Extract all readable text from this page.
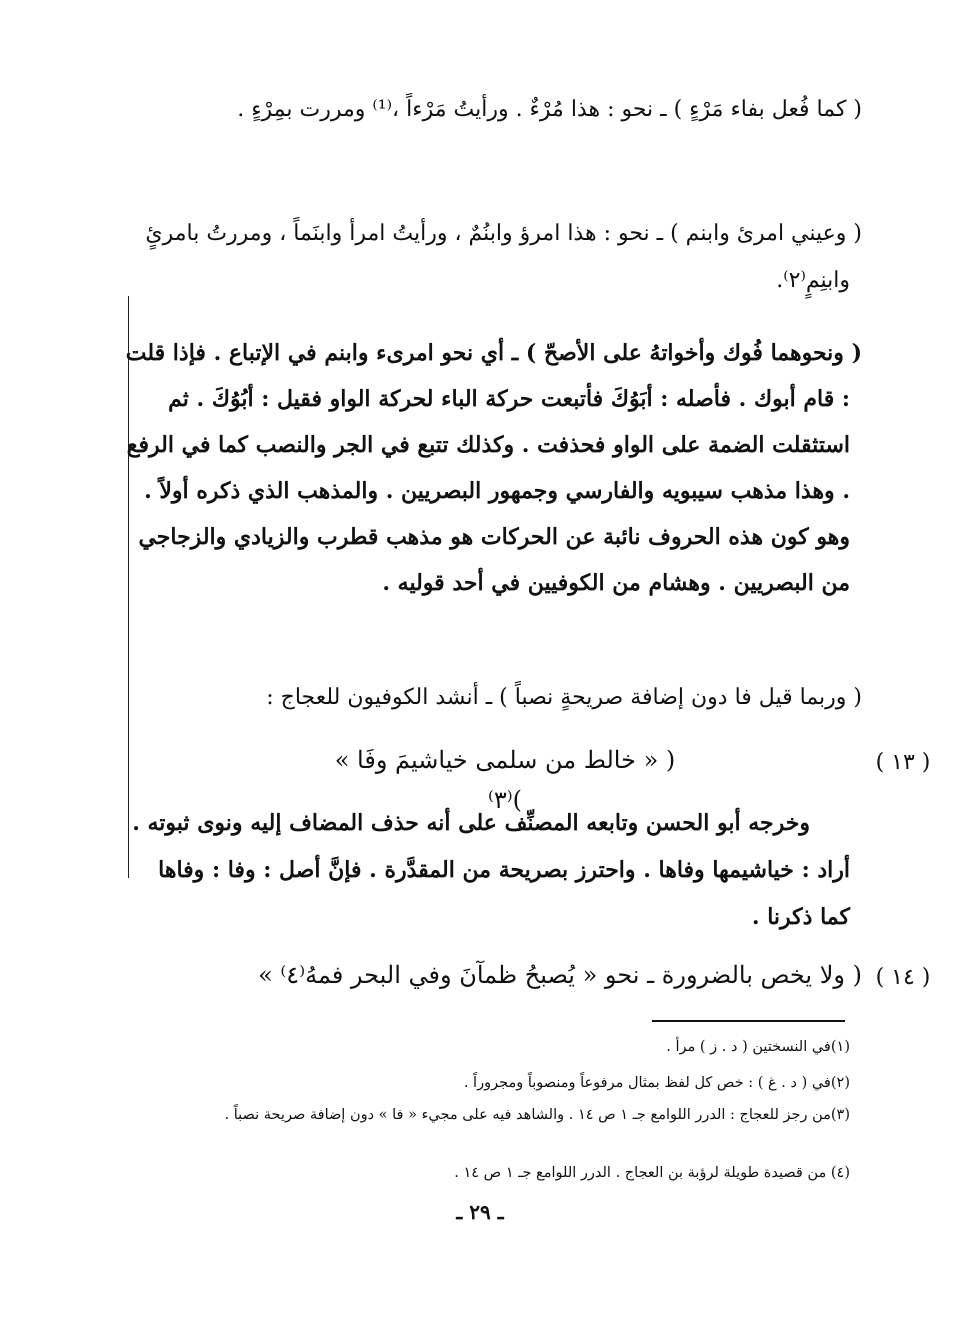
( كما فُعل بفاء مَرْءٍ ) ـ نحو : هذا مُرْءٌ . ورأيتُ مَرْءاً ،⁽¹⁾ ومررت بمِرْءٍ .
( وعيني امرئ وابنم ) ـ نحو : هذا امرؤ وابنُمٌ ، ورأيتُ امرأ وابنَماً ، ومررتُ بامرئٍ وابنِمٍ⁽٢⁾.
( ونحوهما فُوك وأخواتهُ على الأصحّ ) ـ أي نحو امرىء وابنم في الإتباع . فإذا قلت : قام أبوك . فأصله : أبَوُكَ فأتبعت حركة الباء لحركة الواو فقيل : أبُوُكَ . ثم استثقلت الضمة على الواو فحذفت . وكذلك تتبع في الجر والنصب كما في الرفع . وهذا مذهب سيبويه والفارسي وجمهور البصريين . والمذهب الذي ذكره أولاً . وهو كون هذه الحروف نائبة عن الحركات هو مذهب قطرب والزيادي والزجاجي من البصريين . وهشام من الكوفيين في أحد قوليه .
( وربما قيل فا دون إضافة صريحةٍ نصباً ) ـ أنشد الكوفيون للعجاج :
( « خالط من سلمى خياشيمَ وفَا » )⁽٣⁾
( ١٣ )
وخرجه أبو الحسن وتابعه المصنِّف على أنه حذف المضاف إليه ونوى ثبوته . أراد : خياشيمها وفاها . واحترز بصريحة من المقدَّرة . فإنَّ أصل : وفا : وفاها كما ذكرنا .
( ولا يخص بالضرورة ـ نحو « يُصبحُ ظمآنَ وفي البحر فمهُ⁽٤⁾ » ( ١٤ )
(١)في النسختين ( د . ز ) مرأ .
(٢)في ( د . غ ) : خص كل لفظ بمثال مرفوعاً ومنصوباً ومجروراً .
(٣)من رجز للعجاج : الدرر اللوامع جـ ١ ص ١٤ . والشاهد فيه على مجيء « فا » دون إضافة صريحة نصباً .
(٤) من قصيدة طويلة لرؤبة بن العجاج . الدرر اللوامع جـ ١ ص ١٤ .
ـ ٢٩ ـ
